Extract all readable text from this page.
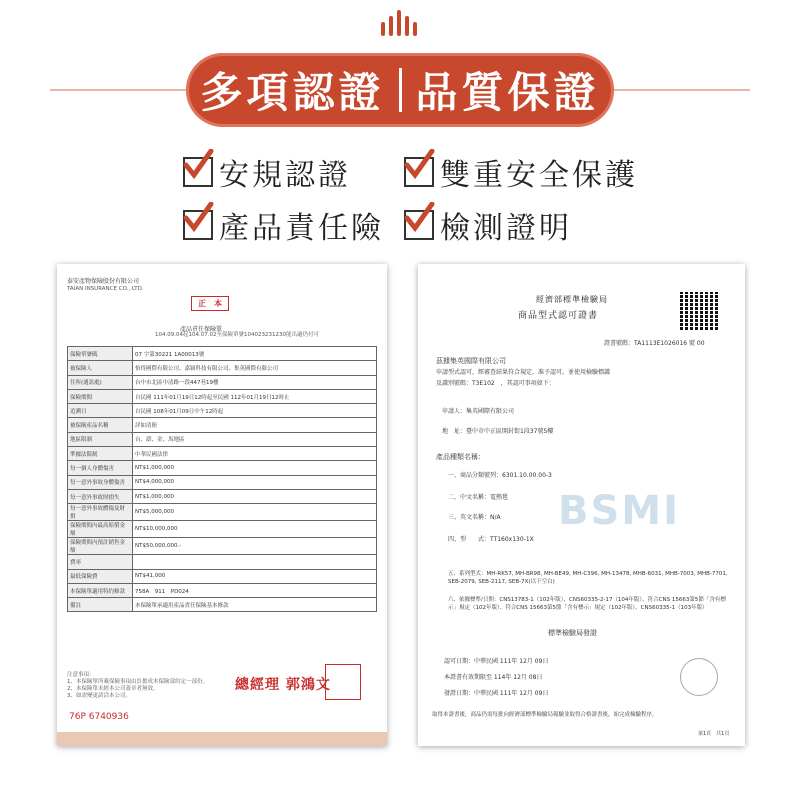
多項認證 品質保證
安規認證	雙重安全保護
產品責任險 檢測證明
泰安產物保險股份有限公司
TAIAN INSURANCE CO., LTD.
正　本
產品責任保險單
104.09.04起104.07.02至保險單號104023231230能出適仍付可
保險單號碼	07 字第30221 1A00013號
被保險人	怡得國際有限公司、嘉穎科技有限公司、集英國際有限公司
住所(通訊處)	台中市北區中清路一段447巷19樓
保險期間	自民國 111年01月19日12時起至民國 112年01月19日12時止
追溯日	自民國 108年01月09日中午12時起
被保險產品名稱	詳如清冊
地區限制	台、澎、金、馬地區
準據法限制	中華民國法律
每一個人身體傷害	NT$1,000,000
每一意外事故身體傷害	NT$4,000,000
每一意外事故財損失	NT$1,000,000
每一意外事故體傷及財損	NT$5,000,000
保險期間內最高賠償金額	NT$10,000,000
保險期間內預計銷售金額	NT$50,000,000.-
費率	
最低保險費	NT$41,000
本保險單適用特約條款	758A　911　PD024
備註	本保險單承適用產品責任保險基本條款
注意事項：
1、本保險單所載保險事項由負擔成本保險部約定一部份。
2、本保險單未經本公司蓋章者無效。
3、如需變更請洽本公司。
總經理 郭鴻文
76P 6740936
經濟部標準檢驗局
商品型式認可證書
證書號碼：TA1113E1026016 號 00
茲據集英國際有限公司
申請型式認可，經審查結果符合規定，准予認可，並使用檢驗標識
及識別號碼：T3E102　，其認可事項如下：
申請人：集英國際有限公司
地　址：臺中市中正區開封街1段37號5樓
產品種類名稱：
一、商品分類號列：6301.10.00.00-3
二、中文名稱：電熱毯
三、英文名稱：N/A
四、型　　式：TT160x130-1X
BSMI
五、系列型式：MH-RK57, MH-BR98, MH-BE49, MH-C396, MH-13478, MHB-6031, MHB-7003, MHB-7701, SEB-2079, SEB-2117, SEB-7X(以下空白)
六、依據標準/日期：CNS13783-1（102年版）、CNS60335-2-17（104年版）、符合CNS 15663第5節「含有標示」規定（102年版）、符合CNS 15663第5節「含有標示」規定（102年版）、CNS60335-1（103年版）
標準檢驗局發證
認可日期：中華民國 111年 12月 09日
本證書有效期限至 114年 12月 08日
發證日期：中華民國 111年 12月 09日
取得本證書後，商品仍需每批向經濟部標準檢驗局報驗並取得合格證書後，始完成檢驗程序。
第1頁　共1頁
